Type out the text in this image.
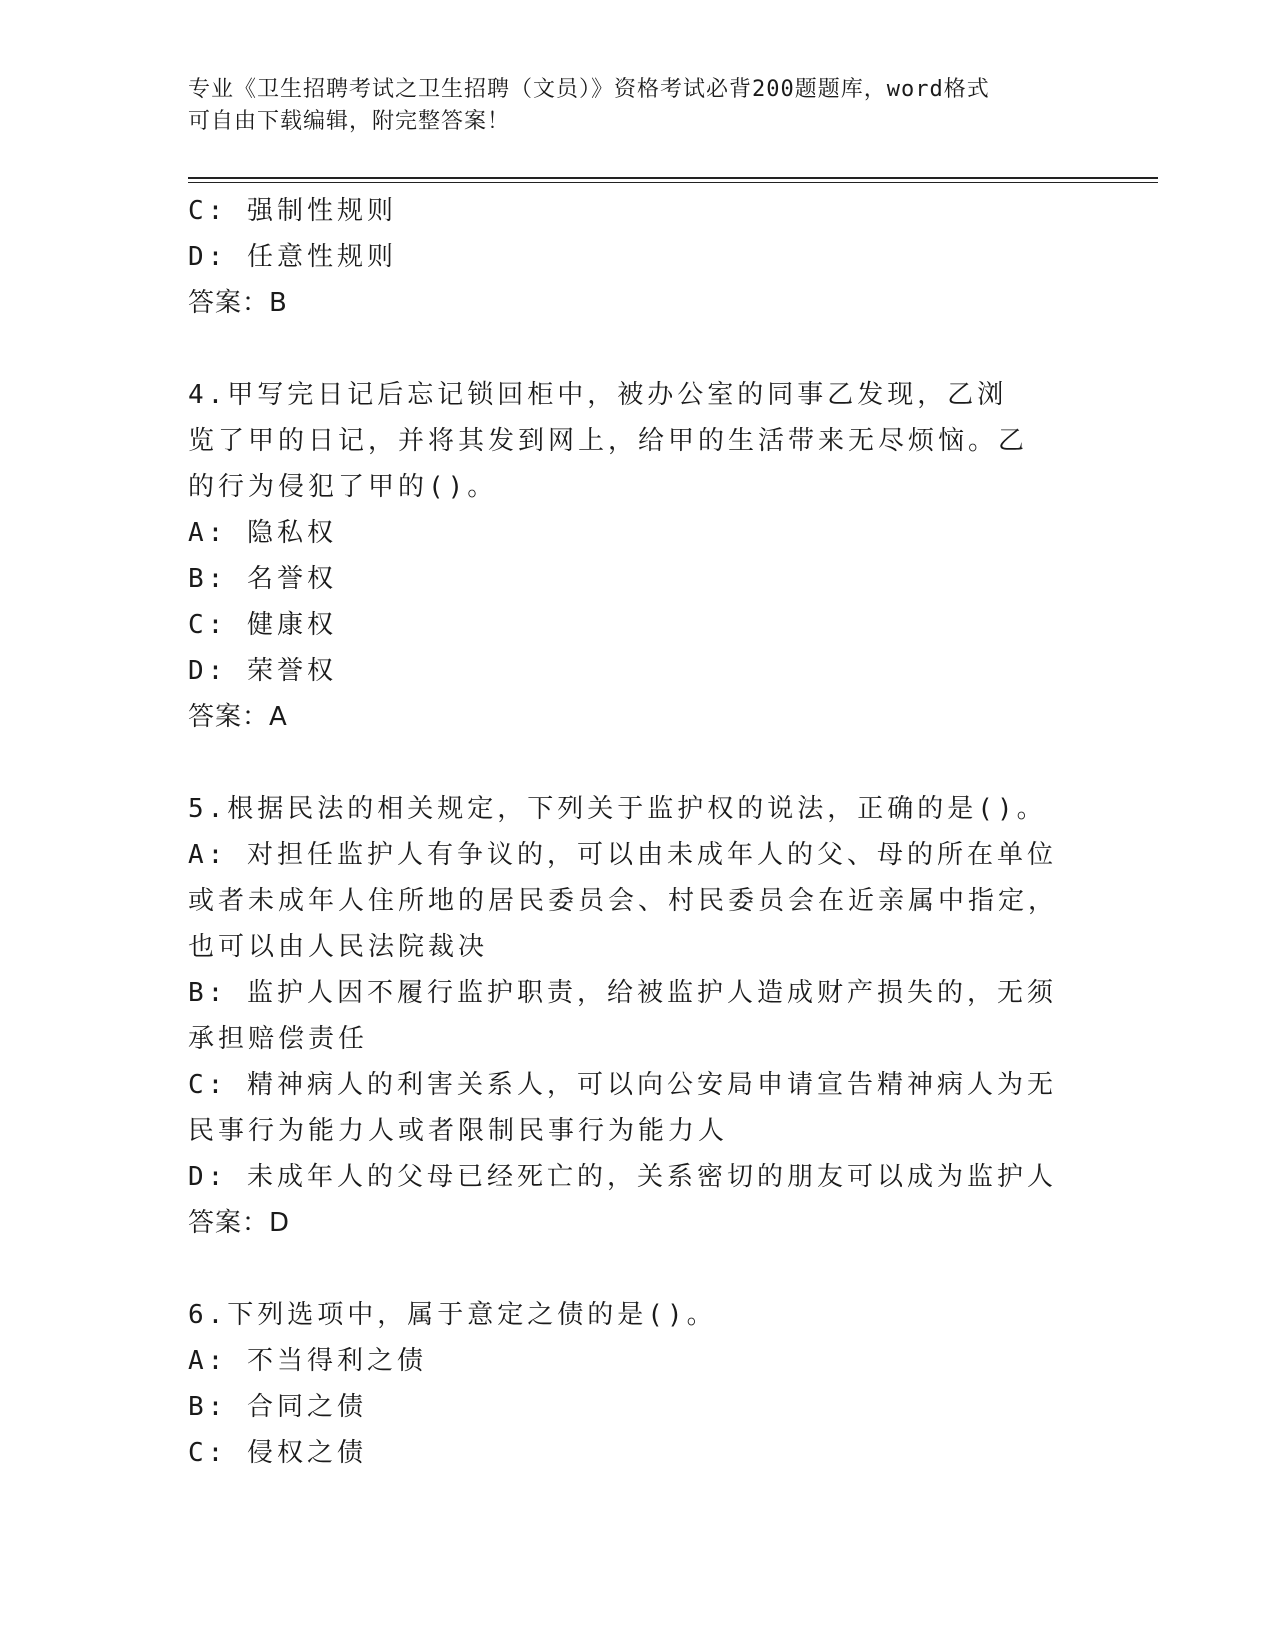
专业《卫生招聘考试之卫生招聘（文员）》资格考试必背200题题库，word格式

可自由下载编辑，附完整答案！

C: 强制性规则

D: 任意性规则

答案：B

4.甲写完日记后忘记锁回柜中，被办公室的同事乙发现，乙浏览了甲的日记，并将其发到网上，给甲的生活带来无尽烦恼。乙的行为侵犯了甲的()。

A: 隐私权

B: 名誉权

C: 健康权

D: 荣誉权

答案：A

5.根据民法的相关规定，下列关于监护权的说法，正确的是()。

A: 对担任监护人有争议的，可以由未成年人的父、母的所在单位或者未成年人住所地的居民委员会、村民委员会在近亲属中指定，也可以由人民法院裁决

B: 监护人因不履行监护职责，给被监护人造成财产损失的，无须承担赔偿责任

C: 精神病人的利害关系人，可以向公安局申请宣告精神病人为无民事行为能力人或者限制民事行为能力人

D: 未成年人的父母已经死亡的，关系密切的朋友可以成为监护人

答案：D

6.下列选项中，属于意定之债的是()。

A: 不当得利之债

B: 合同之债

C: 侵权之债
